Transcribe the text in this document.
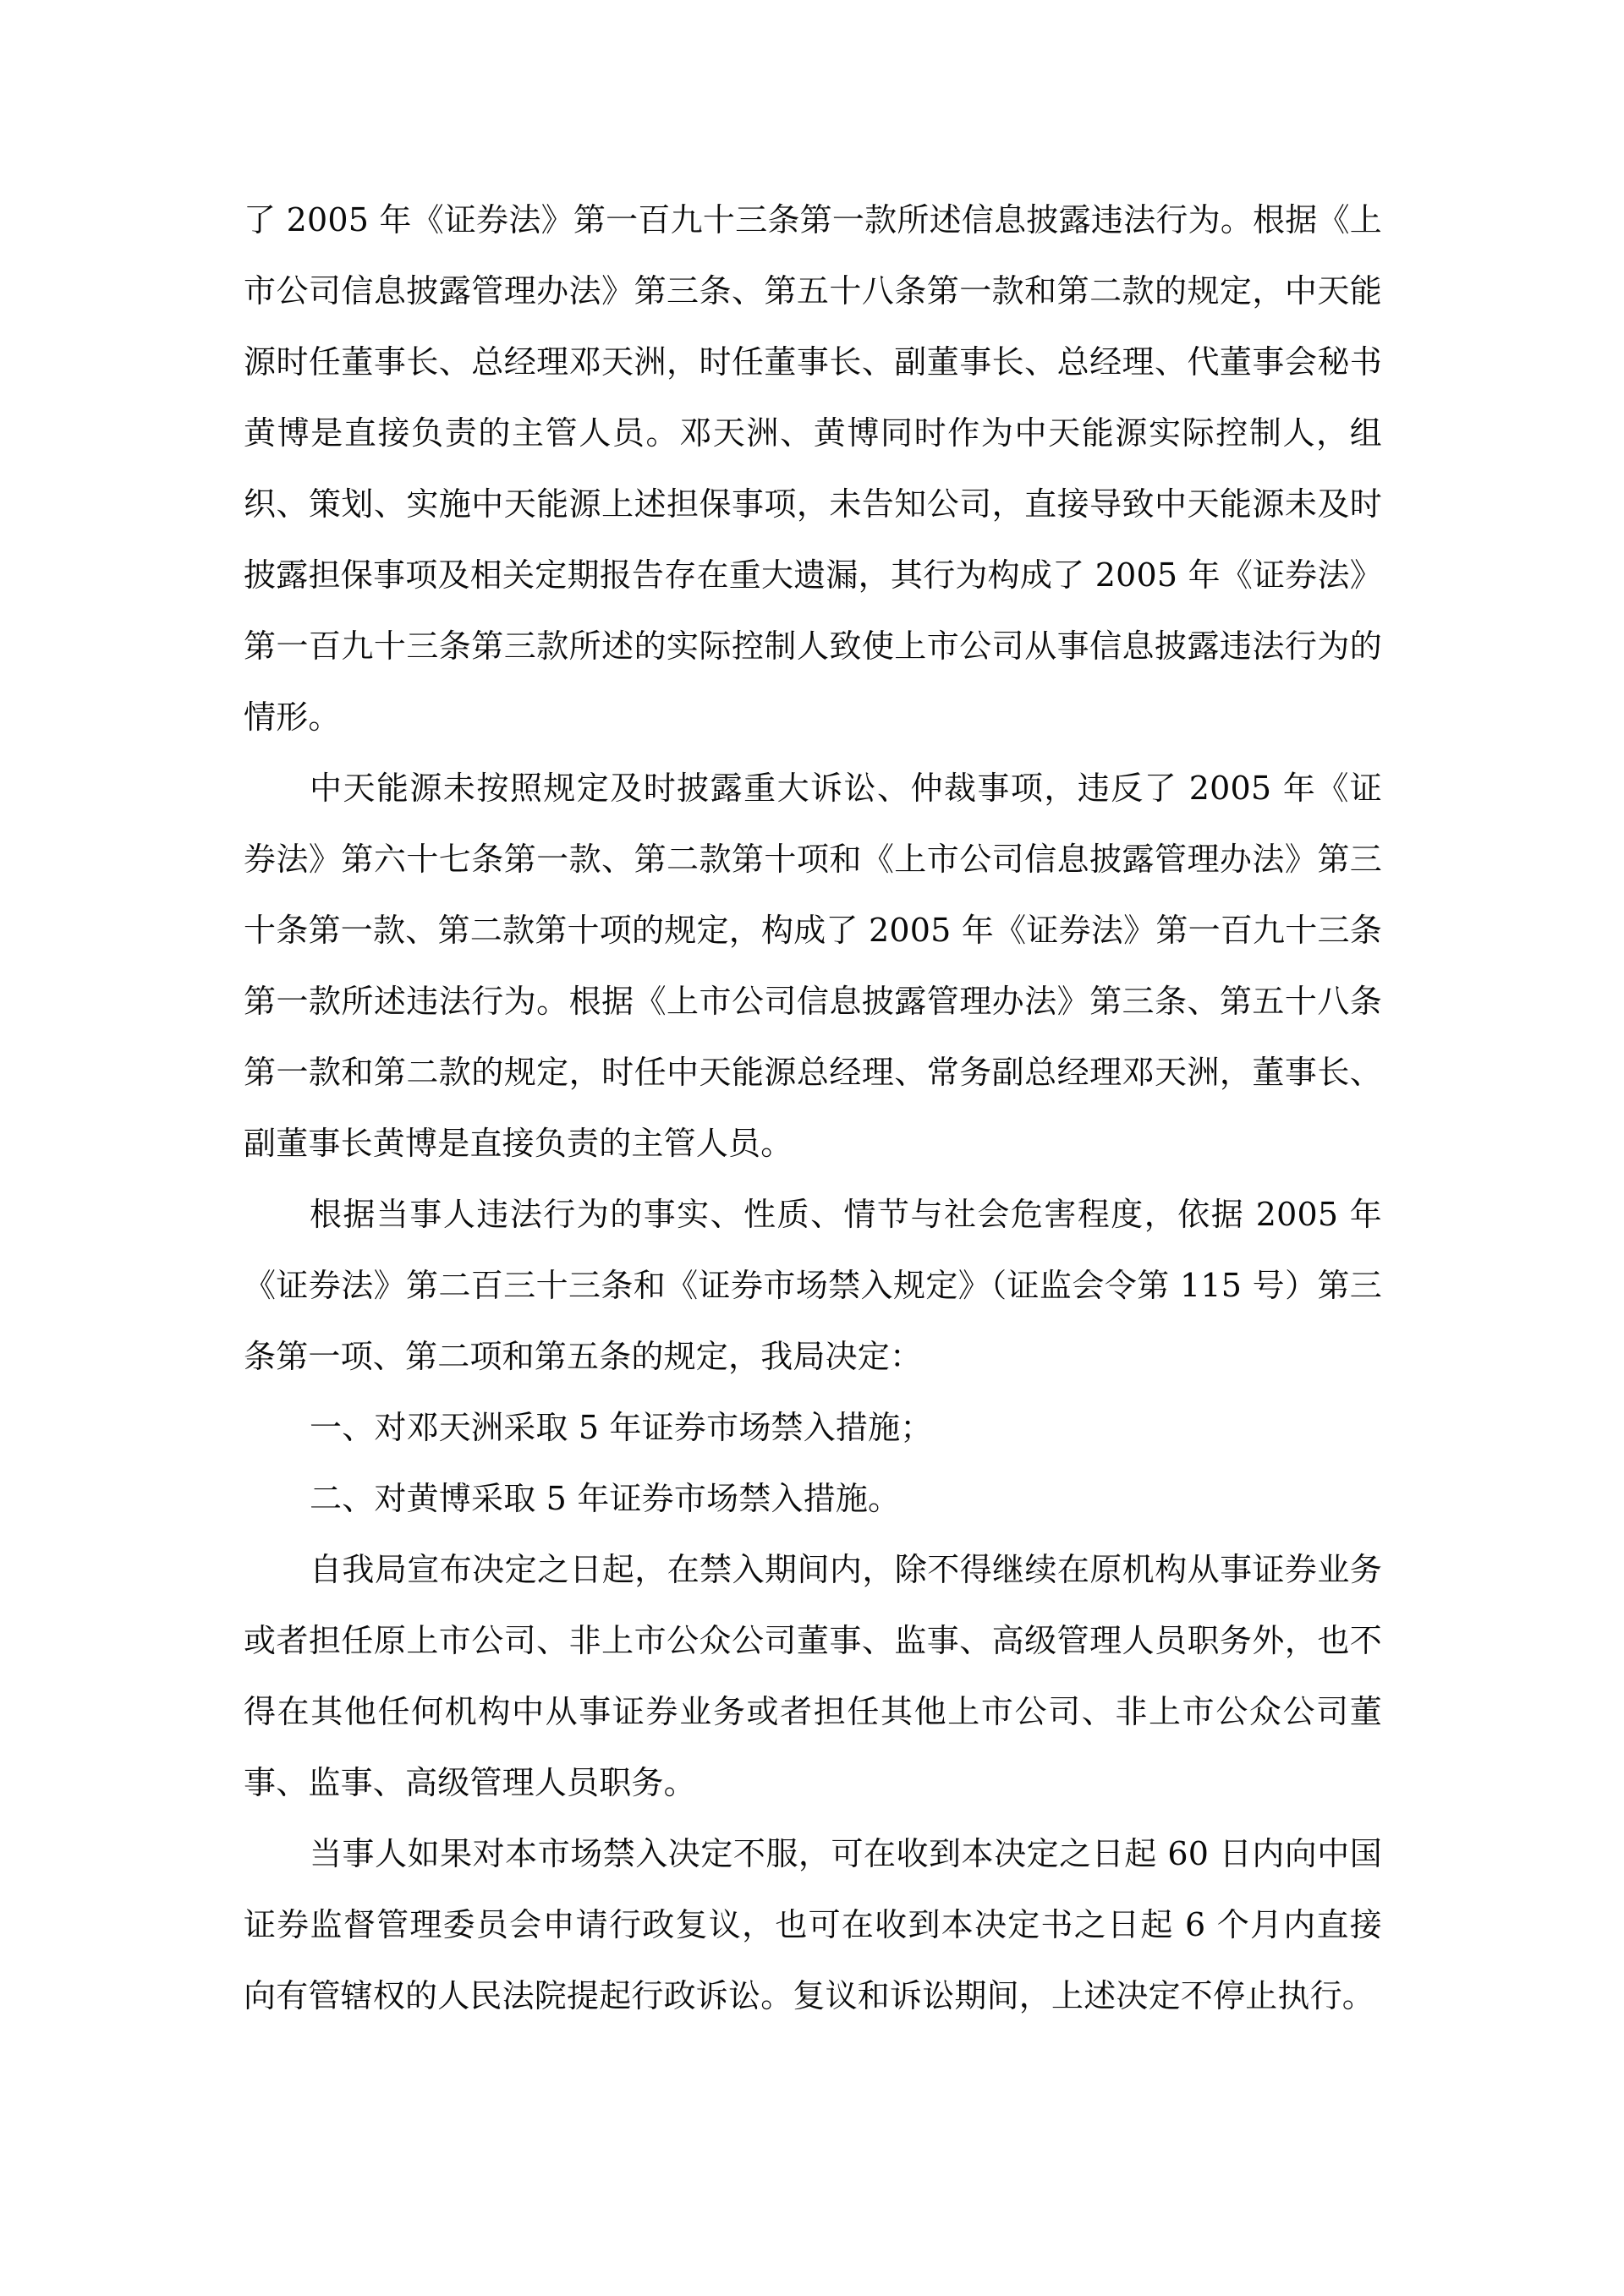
了 2005 年《证券法》第一百九十三条第一款所述信息披露违法行为。根据《上市公司信息披露管理办法》第三条、第五十八条第一款和第二款的规定，中天能源时任董事长、总经理邓天洲，时任董事长、副董事长、总经理、代董事会秘书黄博是直接负责的主管人员。邓天洲、黄博同时作为中天能源实际控制人，组织、策划、实施中天能源上述担保事项，未告知公司，直接导致中天能源未及时披露担保事项及相关定期报告存在重大遗漏，其行为构成了 2005 年《证券法》第一百九十三条第三款所述的实际控制人致使上市公司从事信息披露违法行为的情形。

中天能源未按照规定及时披露重大诉讼、仲裁事项，违反了 2005 年《证券法》第六十七条第一款、第二款第十项和《上市公司信息披露管理办法》第三十条第一款、第二款第十项的规定，构成了 2005 年《证券法》第一百九十三条第一款所述违法行为。根据《上市公司信息披露管理办法》第三条、第五十八条第一款和第二款的规定，时任中天能源总经理、常务副总经理邓天洲，董事长、副董事长黄博是直接负责的主管人员。

根据当事人违法行为的事实、性质、情节与社会危害程度，依据 2005 年《证券法》第二百三十三条和《证券市场禁入规定》（证监会令第 115 号）第三条第一项、第二项和第五条的规定，我局决定：

一、对邓天洲采取 5 年证券市场禁入措施；

二、对黄博采取 5 年证券市场禁入措施。

自我局宣布决定之日起，在禁入期间内，除不得继续在原机构从事证券业务或者担任原上市公司、非上市公众公司董事、监事、高级管理人员职务外，也不得在其他任何机构中从事证券业务或者担任其他上市公司、非上市公众公司董事、监事、高级管理人员职务。

当事人如果对本市场禁入决定不服，可在收到本决定之日起 60 日内向中国证券监督管理委员会申请行政复议，也可在收到本决定书之日起 6 个月内直接向有管辖权的人民法院提起行政诉讼。复议和诉讼期间，上述决定不停止执行。
